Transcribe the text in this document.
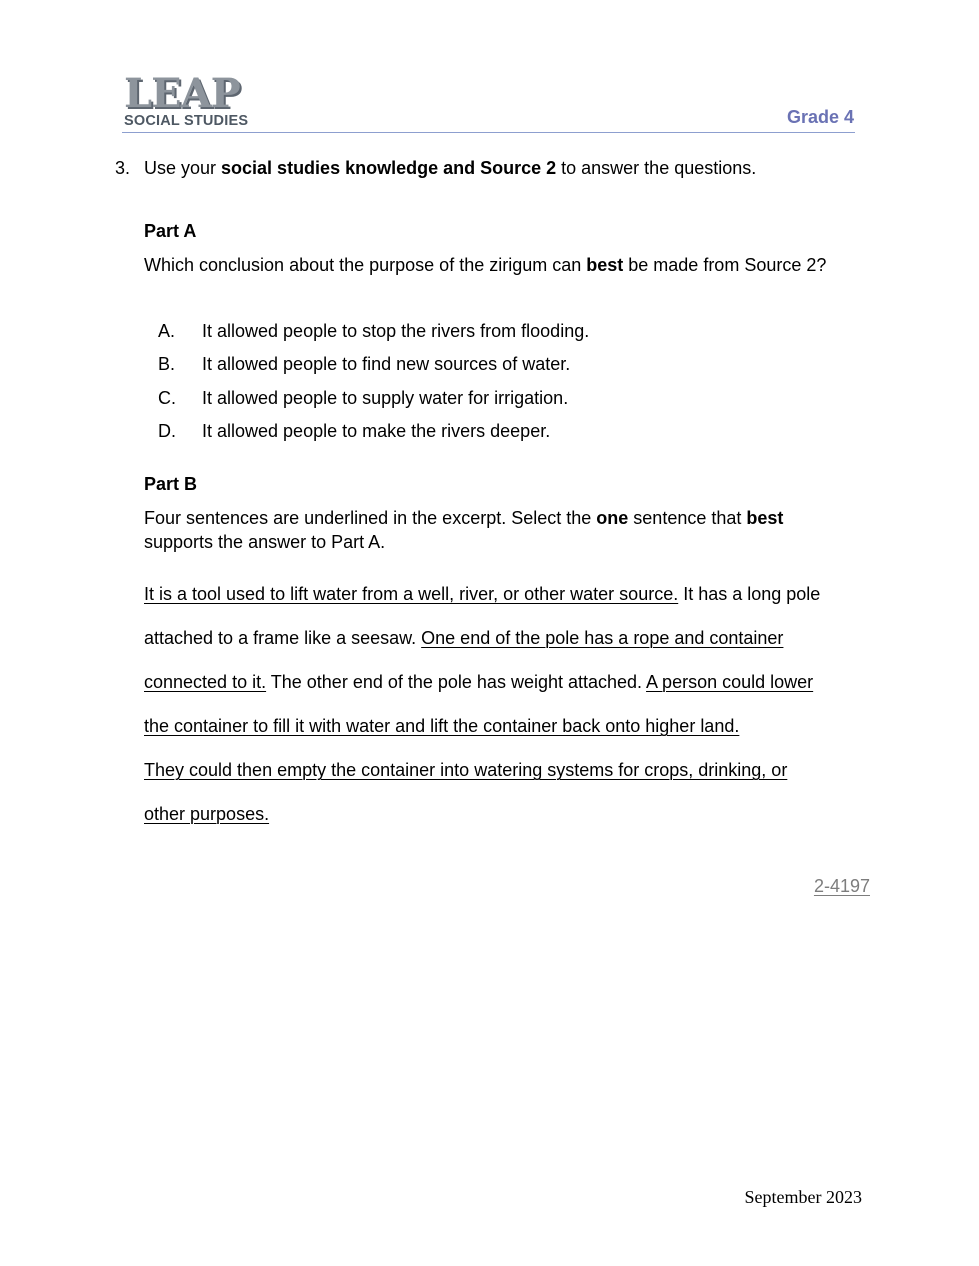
LEAP
SOCIAL STUDIES	Grade 4
3. Use your social studies knowledge and Source 2 to answer the questions.
Part A
Which conclusion about the purpose of the zirigum can best be made from Source 2?
A. It allowed people to stop the rivers from flooding.
B. It allowed people to find new sources of water.
C. It allowed people to supply water for irrigation.
D. It allowed people to make the rivers deeper.
Part B
Four sentences are underlined in the excerpt. Select the one sentence that best supports the answer to Part A.
It is a tool used to lift water from a well, river, or other water source. It has a long pole
attached to a frame like a seesaw. One end of the pole has a rope and container
connected to it. The other end of the pole has weight attached. A person could lower
the container to fill it with water and lift the container back onto higher land.
They could then empty the container into watering systems for crops, drinking, or
other purposes.
2-4197
September 2023
